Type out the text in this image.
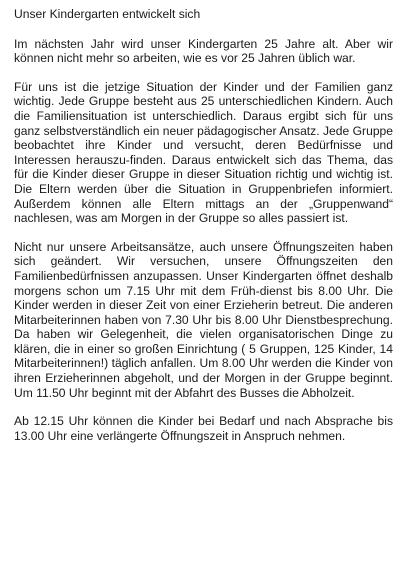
Unser Kindergarten entwickelt sich

Im nächsten Jahr wird unser Kindergarten 25 Jahre alt. Aber wir können nicht mehr so arbeiten, wie es vor 25 Jahren üblich war.

Für uns ist die jetzige Situation der Kinder und der Familien ganz wichtig. Jede Gruppe besteht aus 25 unterschiedlichen Kindern. Auch die Familiensituation ist unterschiedlich. Daraus ergibt sich für uns ganz selbstverständlich ein neuer pädagogischer Ansatz. Jede Gruppe beobachtet ihre Kinder und versucht, deren Bedürfnisse und Interessen herauszu-finden. Daraus entwickelt sich das Thema, das für die Kinder dieser Gruppe in dieser Situation richtig und wichtig ist. Die Eltern werden über die Situation in Gruppenbriefen informiert. Außerdem können alle Eltern mittags an der „Gruppenwand“ nachlesen, was am Morgen in der Gruppe so alles passiert ist.

Nicht nur unsere Arbeitsansätze, auch unsere Öffnungszeiten haben sich geändert. Wir versuchen, unsere Öffnungszeiten den Familienbedürfnissen anzupassen. Unser Kindergarten öffnet deshalb morgens schon um 7.15 Uhr mit dem Früh-dienst bis 8.00 Uhr. Die Kinder werden in dieser Zeit von einer Erzieherin betreut. Die anderen Mitarbeiterinnen haben von 7.30 Uhr bis 8.00 Uhr Dienstbesprechung. Da haben wir Gelegenheit, die vielen organisatorischen Dinge zu klären, die in einer so großen Einrichtung ( 5 Gruppen, 125 Kinder, 14 Mitarbeiterinnen!) täglich anfallen. Um 8.00 Uhr werden die Kinder von ihren Erzieherinnen abgeholt, und der Morgen in der Gruppe beginnt. Um 11.50 Uhr beginnt mit der Abfahrt des Busses die Abholzeit.

Ab 12.15 Uhr können die Kinder bei Bedarf und nach Absprache bis 13.00 Uhr eine verlängerte Öffnungszeit in Anspruch nehmen.
